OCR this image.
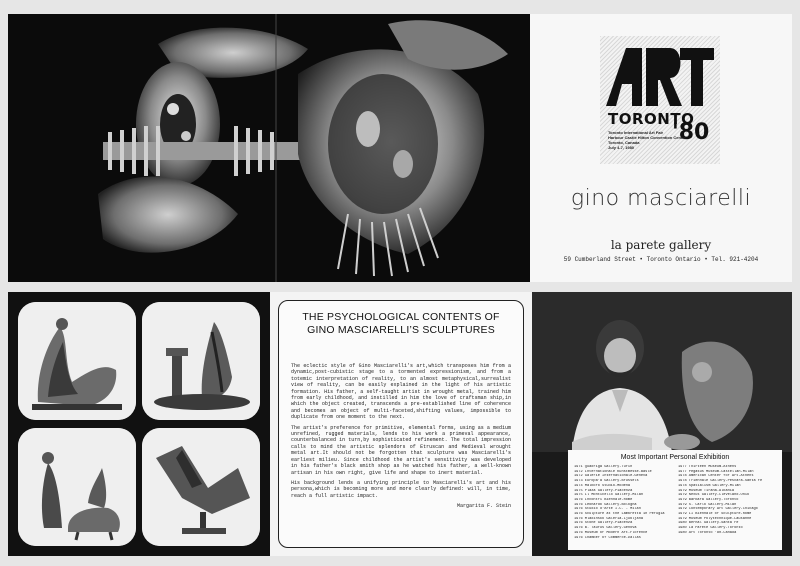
ART
TORONTO
'80
Toronto International Art Fair
Harbour Castle Hilton Convention Centre
Toronto, Canada
July 4-7, 1980
gino masciarelli
la parete gallery
59 Cumberland Street • Toronto Ontario • Tel. 921-4204
THE PSYCHOLOGICAL CONTENTS OF
GINO MASCIARELLI’S SCULPTURES

The eclectic style of Gino Masciarelli's art,which transposes him from a dynamic,post-cubistic stage to a tormented expressionism, and from a totemic interpretation of reality, to an almost metaphysical,surrealist view of reality, can be easily explained in the light of his artistic formation. His father, a self-taught artist in wrought metal, trained him from early childhood, and instilled in him the love of craftsman ship,in which the object created, transcends a pre-established line of coherence and becomes an object of multi-faceted,shifting values, impossible to duplicate from one moment to the next.

The artist's preference for primitive, elemental forms, using as a medium unrefined, rugged materials, lends to his work a primeval appearance, counterbalanced in turn,by sophisticated refinement. The total impression calls to mind the artistic splendors of Etruscan and Medieval wrought metal art.It should not be forgotten that sculpture was Masciarelli's earliest milieu. Since childhood the artist's sensitivity was developed in his father's black smith shop as he watched his father, a well-known artisan in his own right, give life and shape to inert material.

His background lends a unifying principle to Masciarelli's art and his persona,which is becoming more and more clearly defined: will, in time, reach a full artistic impact.

Margarita F. Stein
Most Important Personal Exhibition
1971 Quadriga Gallery-Turin
1972 Internationale Kunstmesse-Basle
1972 Galerie Internationale-Geneva
1973 Europa'a Gallery-Brussels
1974 Malboro Studio-Modena
1975 Plaza Gallery-Piacenza
1975 Il Monticello Gallery-Milan
1976 Incontri Biennale-Rome
1976 Leonardo Gallery-Bologna
1976 Studio d'Arte I.C. - Milan
1976 Sculpture at the Lambretta in Perugia
1976 Mladinsko Galeria-Ljubljana
1976 Stone Gallery-Piacenza
1976 B. Taurus Gallery-Genova
1976 Museum of Modern Art-Florence
1976 Chamber of Commerce-Dallas
1977 Thirteen Museum-Athens
1977 Pegasus Museum-Castellan-Milan
1978 American Center for Art-Athens
1978 Triennale Gallery-Pescara-Santa Fe
1978 Spatialism Gallery-Milan
1979 Museum Tirana-Albania
1979 Nexus Gallery-Cleveland-Ohio
1979 Barbara Gallery-Toronto
1979 S. Carlo Gallery-Milan
1979 Contemporary Art Gallery-Chicago
1979 II Biennale of Sculpture-Rome
1979 Museum Polytechnique-Lausanne
1980 Bernal Gallery-Santa Fe
1980 La Parete Gallery-Toronto
1980 Art Toronto '80-Canada
